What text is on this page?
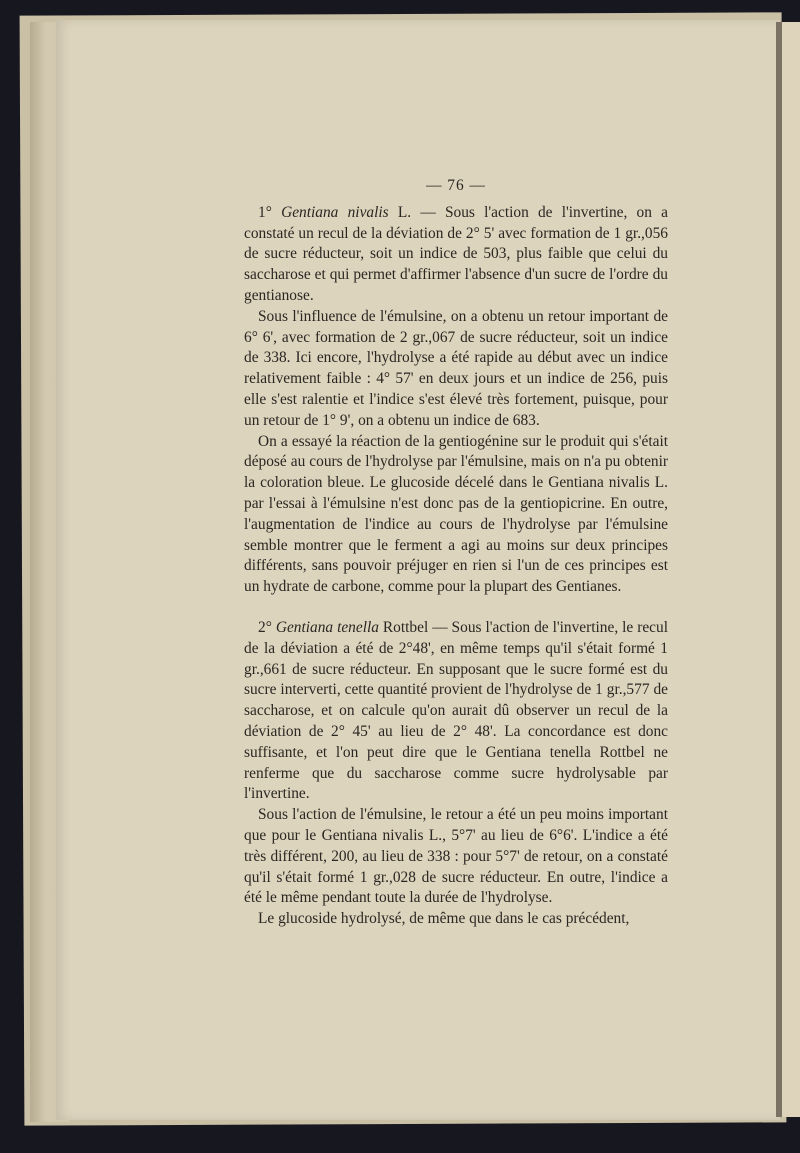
— 76 —

1° Gentiana nivalis L. — Sous l'action de l'invertine, on a constaté un recul de la déviation de 2° 5' avec formation de 1 gr.,056 de sucre réducteur, soit un indice de 503, plus faible que celui du saccharose et qui permet d'affirmer l'absence d'un sucre de l'ordre du gentianose.

Sous l'influence de l'émulsine, on a obtenu un retour important de 6° 6', avec formation de 2 gr.,067 de sucre réducteur, soit un indice de 338. Ici encore, l'hydrolyse a été rapide au début avec un indice relativement faible : 4° 57' en deux jours et un indice de 256, puis elle s'est ralentie et l'indice s'est élevé très fortement, puisque, pour un retour de 1° 9', on a obtenu un indice de 683.

On a essayé la réaction de la gentiogénine sur le produit qui s'était déposé au cours de l'hydrolyse par l'émulsine, mais on n'a pu obtenir la coloration bleue. Le glucoside décelé dans le Gentiana nivalis L. par l'essai à l'émulsine n'est donc pas de la gentiopicrine. En outre, l'augmentation de l'indice au cours de l'hydrolyse par l'émulsine semble montrer que le ferment a agi au moins sur deux principes différents, sans pouvoir préjuger en rien si l'un de ces principes est un hydrate de carbone, comme pour la plupart des Gentianes.

2° Gentiana tenella Rottbel — Sous l'action de l'invertine, le recul de la déviation a été de 2°48', en même temps qu'il s'était formé 1 gr.,661 de sucre réducteur. En supposant que le sucre formé est du sucre interverti, cette quantité provient de l'hydrolyse de 1 gr.,577 de saccharose, et on calcule qu'on aurait dû observer un recul de la déviation de 2° 45' au lieu de 2° 48'. La concordance est donc suffisante, et l'on peut dire que le Gentiana tenella Rottbel ne renferme que du saccharose comme sucre hydrolysable par l'invertine.

Sous l'action de l'émulsine, le retour a été un peu moins important que pour le Gentiana nivalis L., 5°7' au lieu de 6°6'. L'indice a été très différent, 200, au lieu de 338 : pour 5°7' de retour, on a constaté qu'il s'était formé 1 gr.,028 de sucre réducteur. En outre, l'indice a été le même pendant toute la durée de l'hydrolyse.

Le glucoside hydrolysé, de même que dans le cas précédent,
